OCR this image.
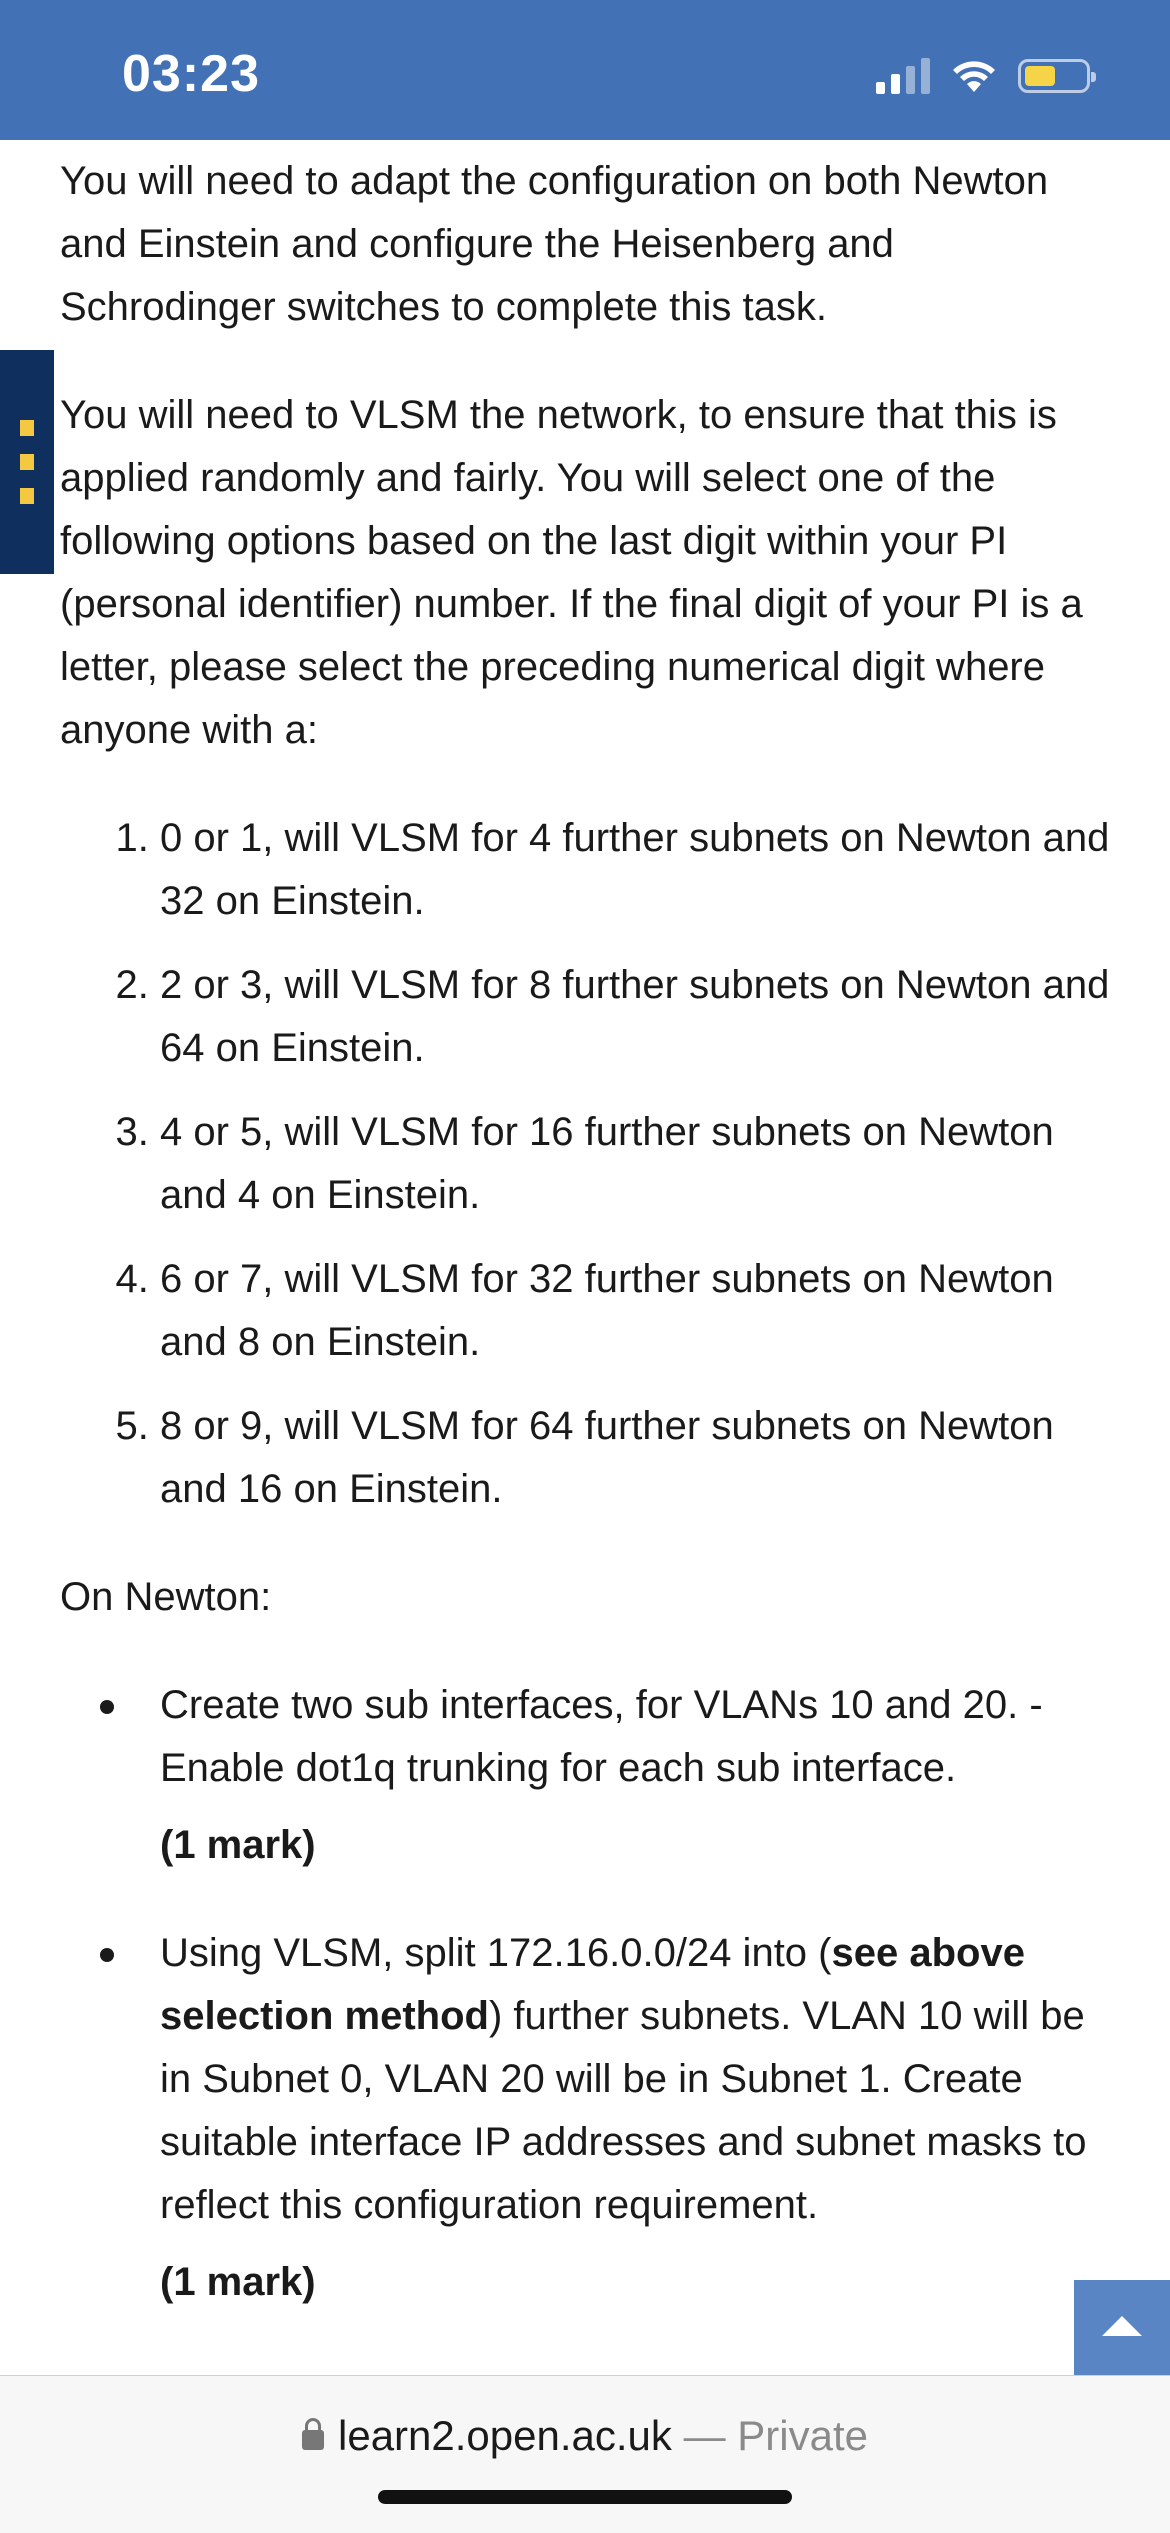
03:23

You will need to adapt the configuration on both Newton and Einstein and configure the Heisenberg and Schrodinger switches to complete this task.

You will need to VLSM the network, to ensure that this is applied randomly and fairly. You will select one of the following options based on the last digit within your PI (personal identifier) number. If the final digit of your PI is a letter, please select the preceding numerical digit where anyone with a:

1. 0 or 1, will VLSM for 4 further subnets on Newton and 32 on Einstein.
2. 2 or 3, will VLSM for 8 further subnets on Newton and 64 on Einstein.
3. 4 or 5, will VLSM for 16 further subnets on Newton and 4 on Einstein.
4. 6 or 7, will VLSM for 32 further subnets on Newton and 8 on Einstein.
5. 8 or 9, will VLSM for 64 further subnets on Newton and 16 on Einstein.

On Newton:

Create two sub interfaces, for VLANs 10 and 20. - Enable dot1q trunking for each sub interface.
(1 mark)
Using VLSM, split 172.16.0.0/24 into (see above selection method) further subnets. VLAN 10 will be in Subnet 0, VLAN 20 will be in Subnet 1. Create suitable interface IP addresses and subnet masks to reflect this configuration requirement.
(1 mark)
learn2.open.ac.uk — Private
